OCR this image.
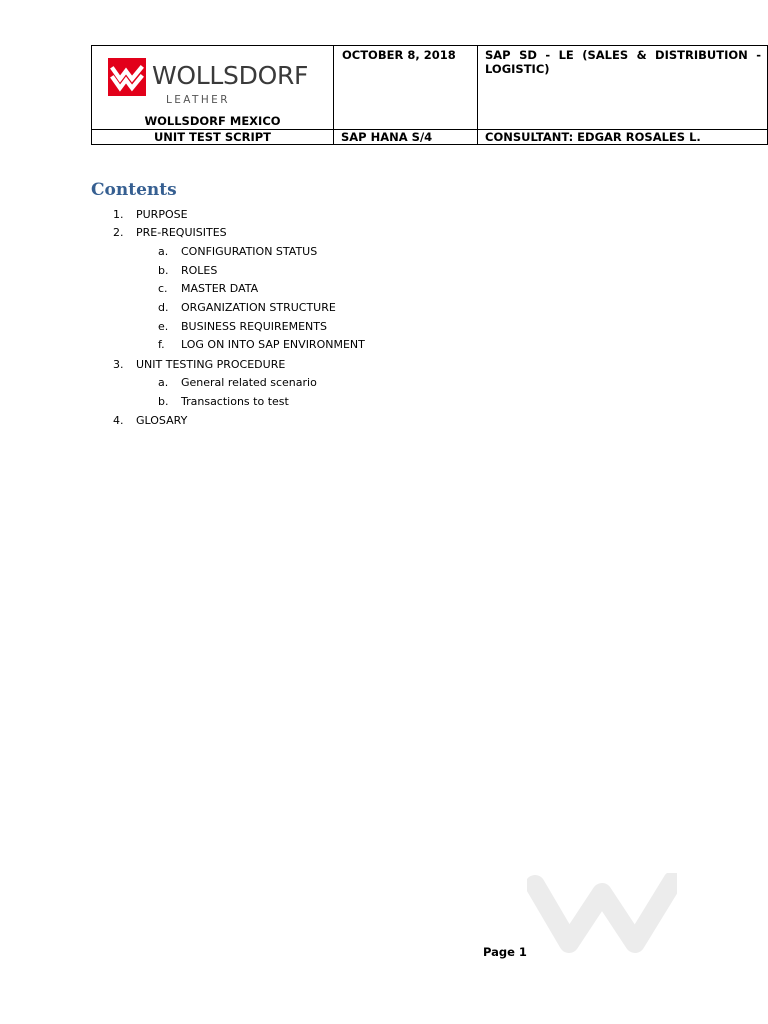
WOLLSDORF
LEATHER
WOLLSDORF MEXICO	OCTOBER 8, 2018	SAP SD - LE (SALES & DISTRIBUTION - LOGISTIC)
UNIT TEST SCRIPT	SAP HANA S/4	CONSULTANT: EDGAR ROSALES L.
Contents
1. PURPOSE
2. PRE-REQUISITES
a. CONFIGURATION STATUS
b. ROLES
c. MASTER DATA
d. ORGANIZATION STRUCTURE
e. BUSINESS REQUIREMENTS
f. LOG ON INTO SAP ENVIRONMENT
3. UNIT TESTING PROCEDURE
a. General related scenario
b. Transactions to test
4. GLOSARY
Page 1
